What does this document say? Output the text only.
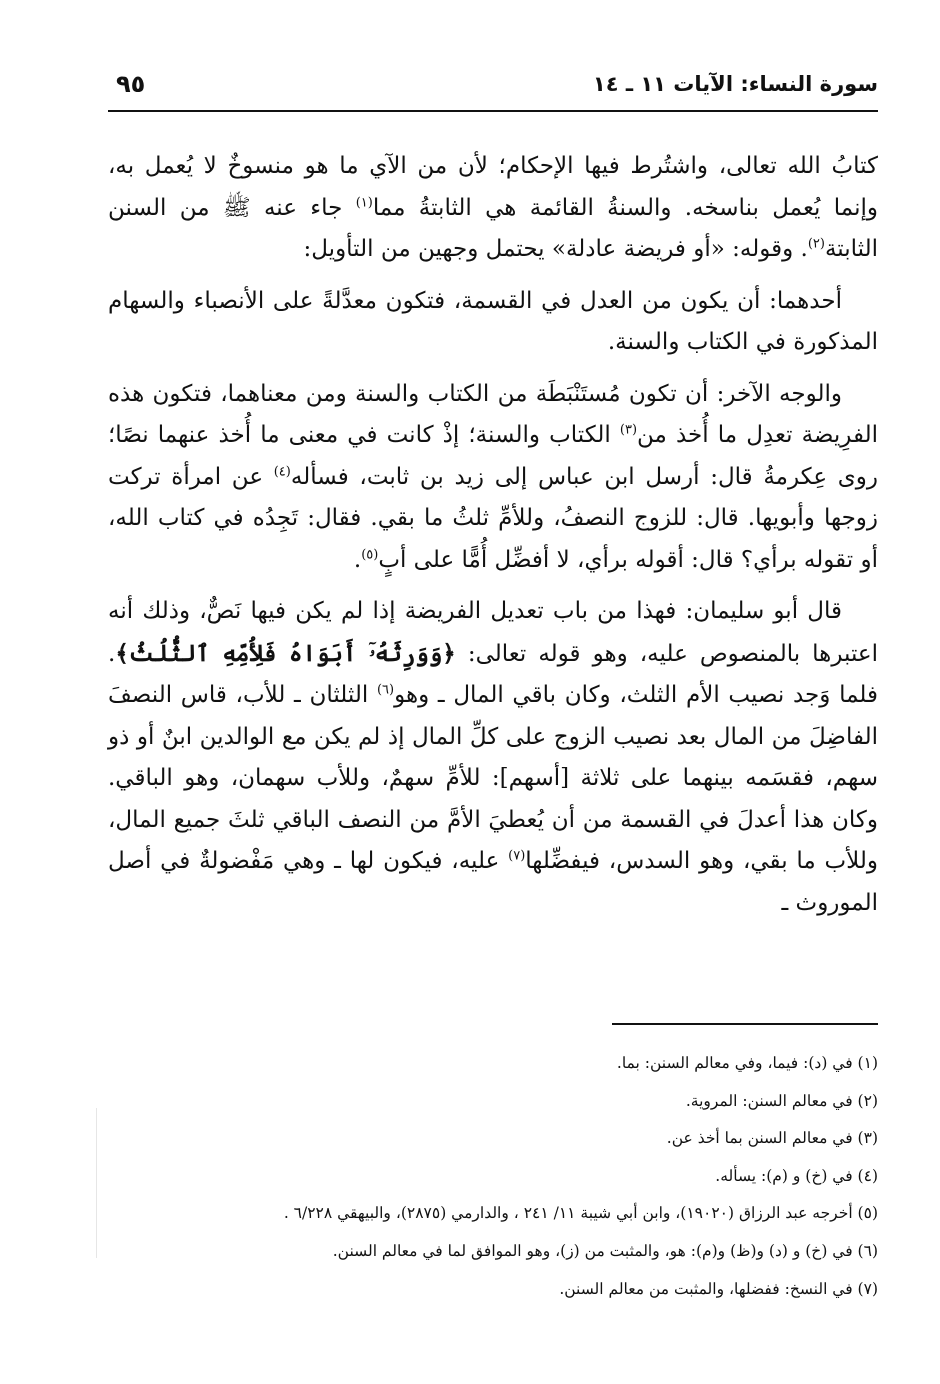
سورة النساء: الآيات ١١ ـ ١٤
٩٥

كتابُ الله تعالى، واشتُرط فيها الإحكام؛ لأن من الآي ما هو منسوخٌ لا يُعمل به، وإنما يُعمل بناسخه. والسنةُ القائمة هي الثابتةُ مما$^{(١)}$ جاء عنه ﷺ من السنن الثابتة$^{(٢)}$. وقوله: «أو فريضة عادلة» يحتمل وجهين من التأويل:

أحدهما: أن يكون من العدل في القسمة، فتكون معدَّلةً على الأنصباء والسهام المذكورة في الكتاب والسنة.

والوجه الآخر: أن تكون مُستَنْبَطَة من الكتاب والسنة ومن معناهما، فتكون هذه الفرِيضة تعدِل ما أُخذ من$^{(٣)}$ الكتاب والسنة؛ إذْ كانت في معنى ما أُخذ عنهما نصًا؛ روى عِكرمةُ قال: أرسل ابن عباس إلى زيد بن ثابت، فسأله$^{(٤)}$ عن امرأة تركت زوجها وأبويها. قال: للزوج النصفُ، وللأمِّ ثلثُ ما بقي. فقال: تَجِدُه في كتاب الله، أو تقوله برأي؟ قال: أقوله برأي، لا أفضِّل أُمًّا على أبٍ$^{(٥)}$.

قال أبو سليمان: فهذا من باب تعديل الفريضة إذا لم يكن فيها نَصٌّ، وذلك أنه اعتبرها بالمنصوص عليه، وهو قوله تعالى: ﴿وَوَرِثَهُۥٓ أَبَوَاهُ فَلِأُمِّهِ ٱلثُّلُثُ﴾. فلما وَجد نصيب الأم الثلث، وكان باقي المال ـ وهو$^{(٦)}$ الثلثان ـ للأب، قاس النصفَ الفاضِلَ من المال بعد نصيب الزوج على كلِّ المال إذ لم يكن مع الوالدين ابنٌ أو ذو سهم، فقسَمه بينهما على ثلاثة [أسهم]: للأمِّ سهمٌ، وللأب سهمان، وهو الباقي. وكان هذا أعدلَ في القسمة من أن يُعطيَ الأمَّ من النصف الباقي ثلثَ جميع المال، وللأب ما بقي، وهو السدس، فيفضِّلها$^{(٧)}$ عليه، فيكون لها ـ وهي مَفْضولةٌ في أصل الموروث ـ

(١) في (د): فيما، وفي معالم السنن: بما.
(٢) في معالم السنن: المروية.
(٣) في معالم السنن بما أخذ عن.
(٤) في (خ) و (م): يسأله.
(٥) أخرجه عبد الرزاق (١٩٠٢٠)، وابن أبي شيبة ١١/ ٢٤١ ، والدارمي (٢٨٧٥)، والبيهقي ٦/٢٢٨ .
(٦) في (خ) و (د) و(ظ) و(م): هو، والمثبت من (ز)، وهو الموافق لما في معالم السنن.
(٧) في النسخ: ففضلها، والمثبت من معالم السنن.
